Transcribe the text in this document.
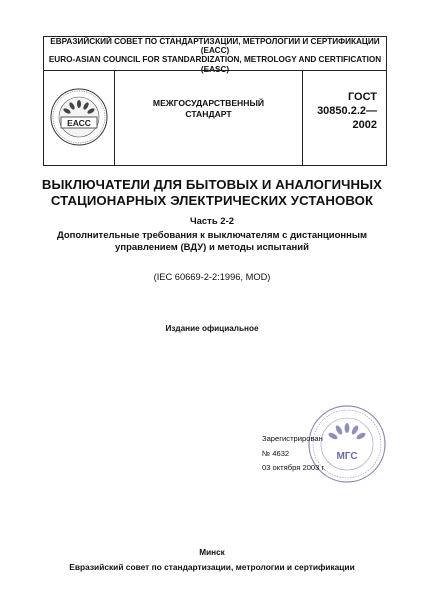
ЕВРАЗИЙСКИЙ СОВЕТ ПО СТАНДАРТИЗАЦИИ, МЕТРОЛОГИИ И СЕРТИФИКАЦИИ
(ЕАСС)
EURO-ASIAN COUNCIL FOR STANDARDIZATION, METROLOGY AND CERTIFICATION
(EASC)
ЕАСС
МЕЖГОСУДАРСТВЕННЫЙ
СТАНДАРТ
ГОСТ
30850.2.2—
2002
ВЫКЛЮЧАТЕЛИ ДЛЯ БЫТОВЫХ И АНАЛОГИЧНЫХ
СТАЦИОНАРНЫХ ЭЛЕКТРИЧЕСКИХ УСТАНОВОК
Часть 2-2
Дополнительные требования к выключателям с дистанционным
управлением (ВДУ) и методы испытаний
(IEC 60669-2-2:1996, MOD)
Издание официальное
МГС
Зарегистрирован
№ 4632
03 октября 2003 г.
Минск
Евразийский совет по стандартизации, метрологии и сертификации
